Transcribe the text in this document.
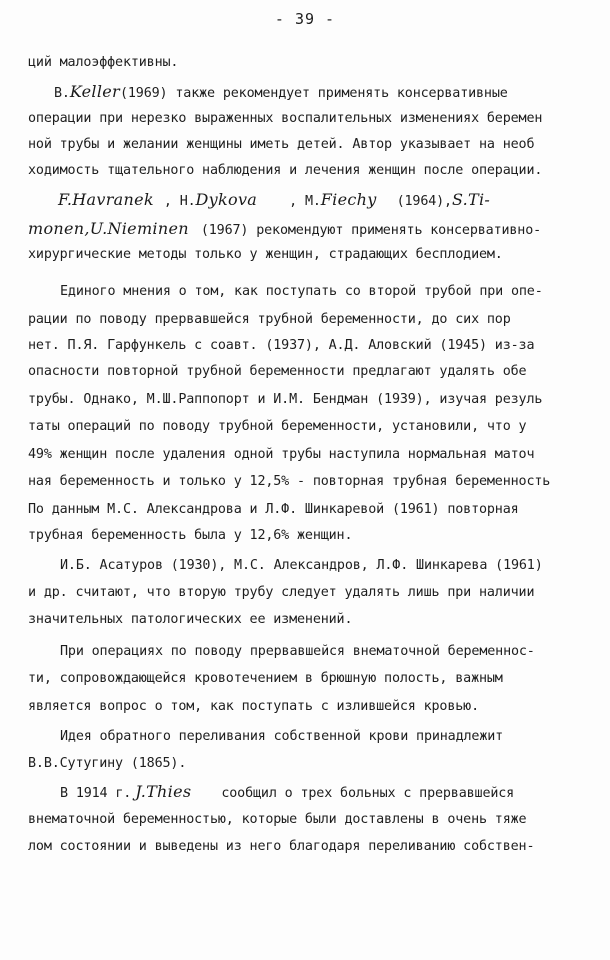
- 39 -

ций малоэффективны.

В.Keller(1969) также рекомендует применять консервативные

операции при нерезко выраженных воспалительных изменениях беремен

ной трубы и желании женщины иметь детей. Автор указывает на необ

ходимость тщательного наблюдения и лечения женщин после операции.

F.Havranek , Н.Dykova , М.Fiechy (1964),S.Ti-

monen,U.Nieminen (1967) рекомендуют применять консервативно-

хирургические методы только у женщин, страдающих бесплодием.

Единого мнения о том, как поступать со второй трубой при опе-

рации по поводу прервавшейся трубной беременности, до сих пор

нет. П.Я. Гарфункель с соавт. (1937), А.Д. Аловский (1945) из-за

опасности повторной трубной беременности предлагают удалять обе

трубы. Однако, М.Ш.Раппопорт и И.М. Бендман (1939), изучая резуль

таты операций по поводу трубной беременности, установили, что у

49% женщин после удаления одной трубы наступила нормальная маточ

ная беременность и только у 12,5% - повторная трубная беременность

По данным М.С. Александрова и Л.Ф. Шинкаревой (1961) повторная

трубная беременность была у 12,6% женщин.

И.Б. Асатуров (1930), М.С. Александров, Л.Ф. Шинкарева (1961)

и др. считают, что вторую трубу следует удалять лишь при наличии

значительных патологических ее изменений.

При операциях по поводу прервавшейся внематочной беременнос-

ти, сопровождающейся кровотечением в брюшную полость, важным

является вопрос о том, как поступать с излившейся кровью.

Идея обратного переливания собственной крови принадлежит

В.В.Сутугину (1865).

В 1914 г. J.Thies сообщил о трех больных с прервавшейся

внематочной беременностью, которые были доставлены в очень тяже

лом состоянии и выведены из него благодаря переливанию собствен-
